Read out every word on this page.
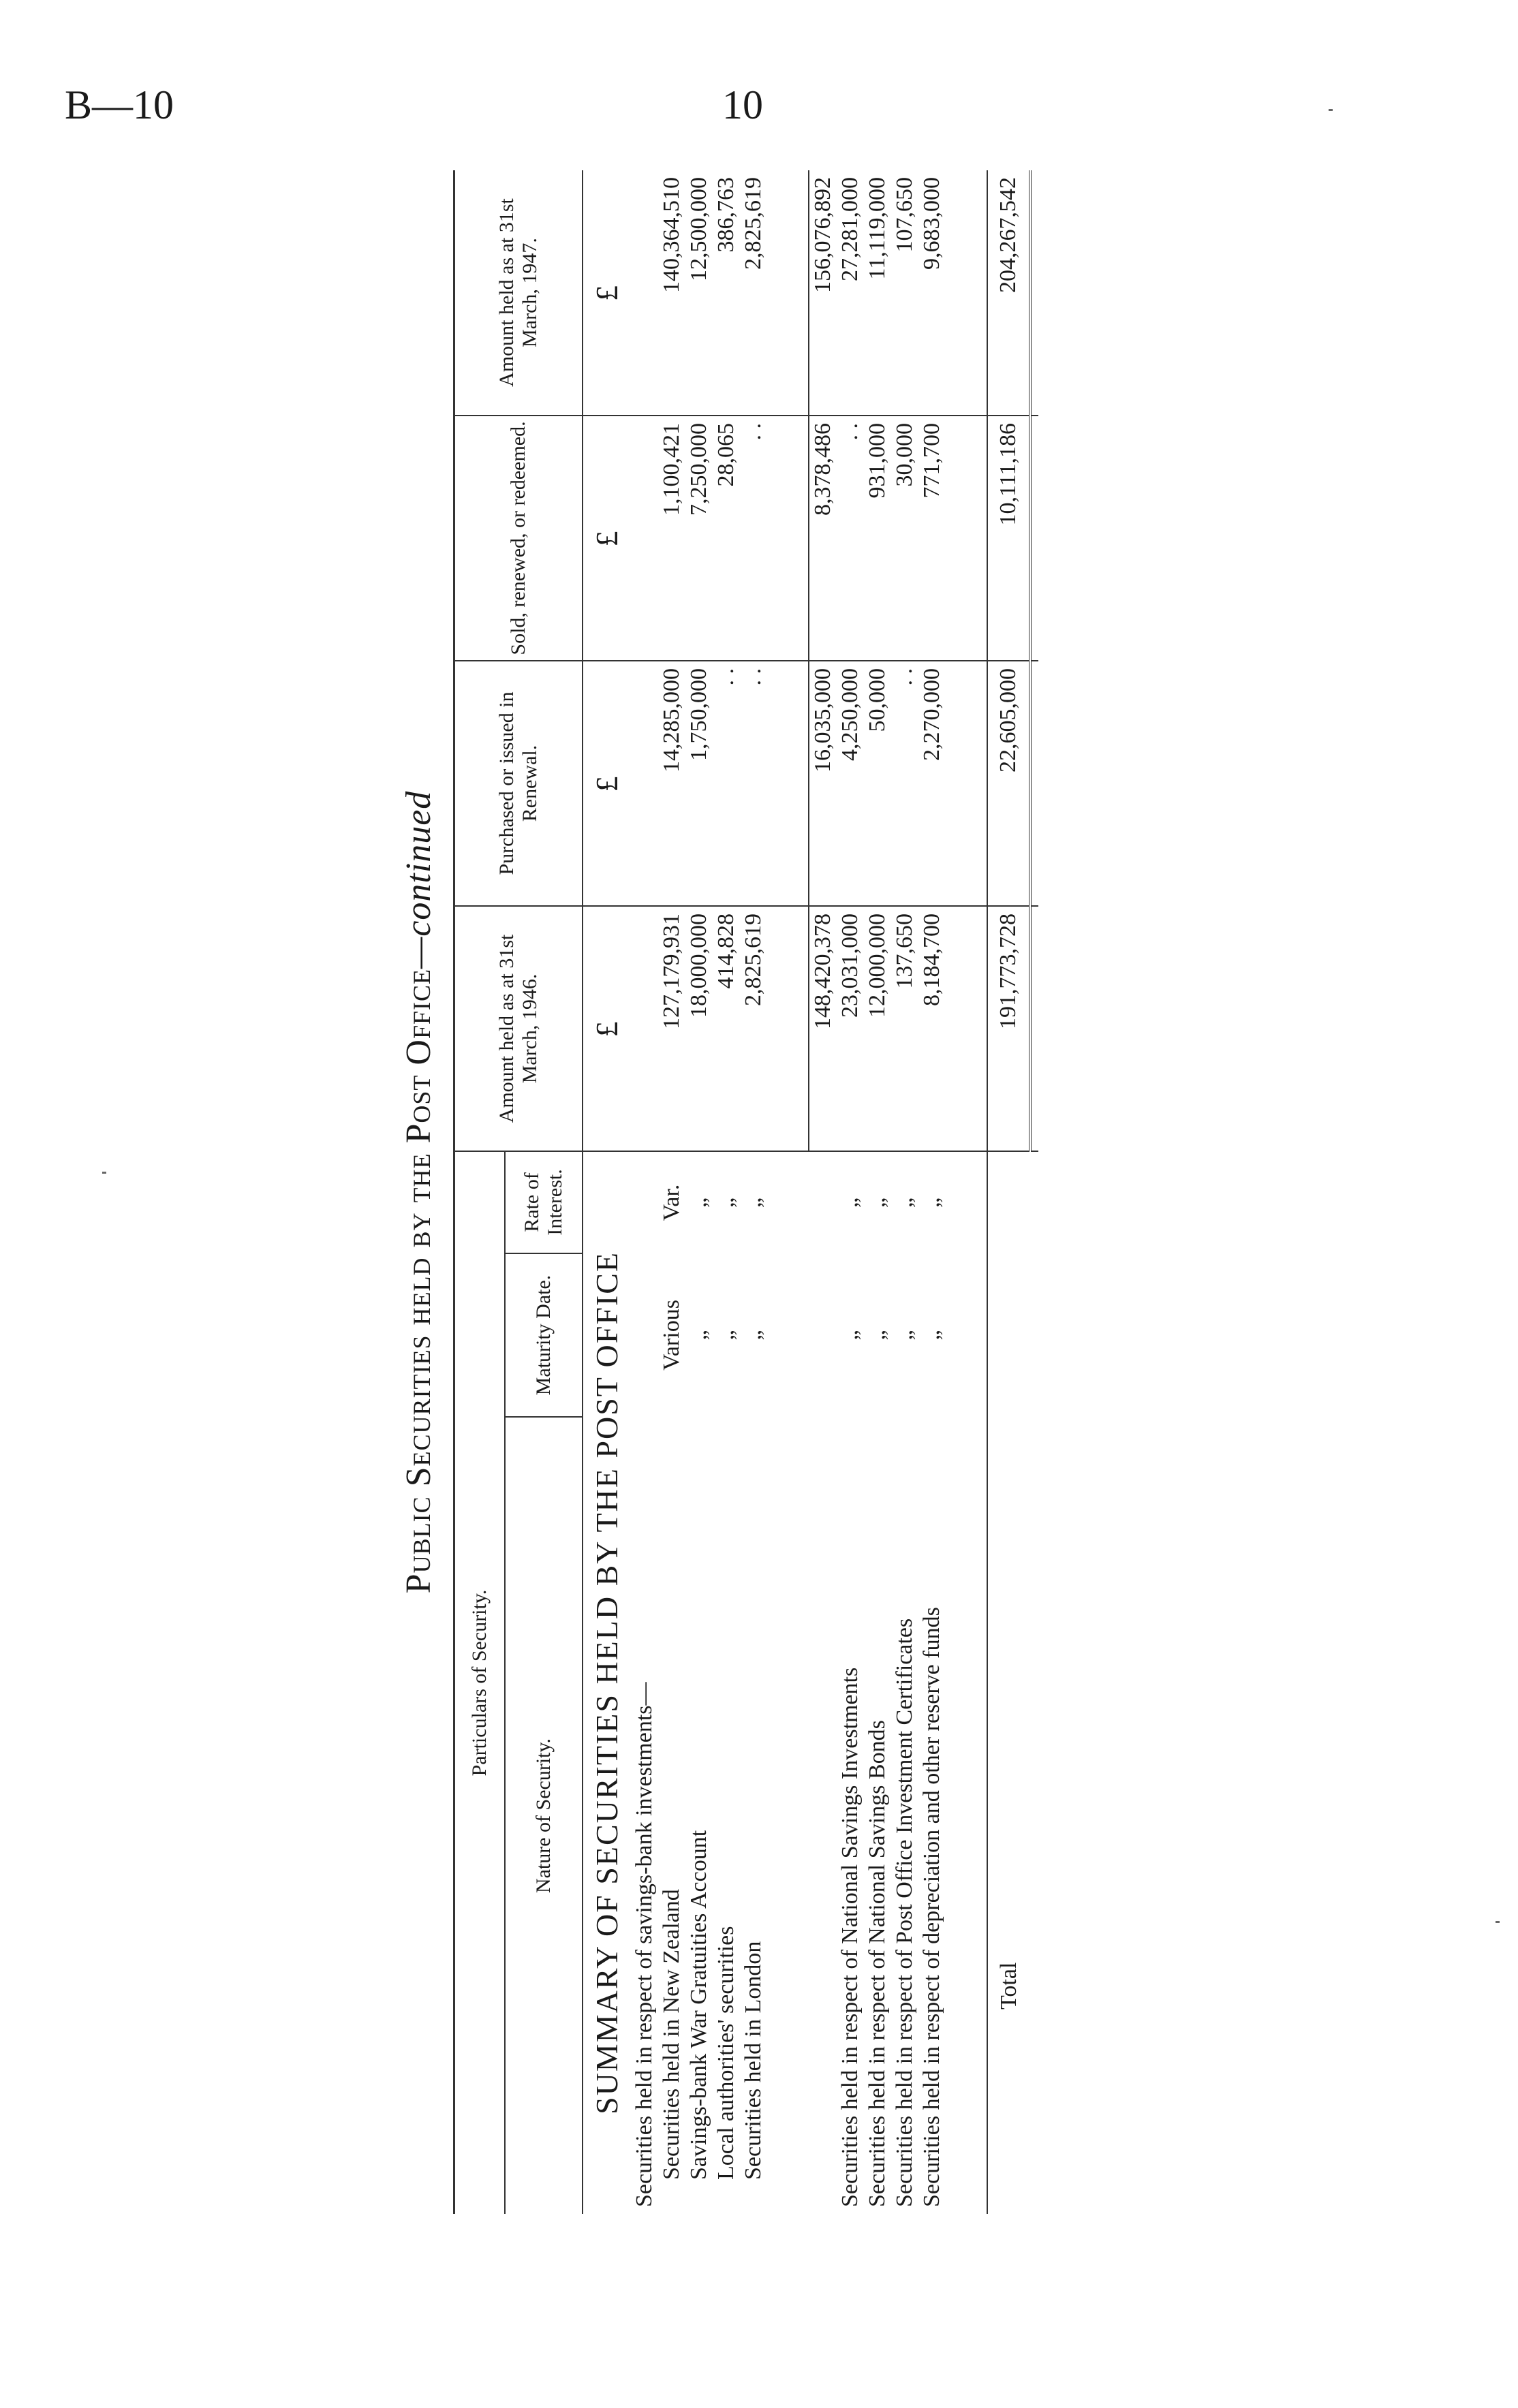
B—10	10
Public Securities held by the Post Office—continued
Particulars of Security.			Amount held as at 31st March, 1946.	Purchased or issued in Renewal.	Sold, renewed, or redeemed.	Amount held as at 31st March, 1947.
Nature of Security.	Maturity Date.	Rate of Interest.				
SUMMARY OF SECURITIES HELD BY THE POST OFFICE			£	£	£	£
Securities held in respect of savings-bank investments—						
Securities held in New Zealand	Various	Var.	127,179,931	14,285,000	1,100,421	140,364,510
Savings-bank War Gratuities Account	„	„	18,000,000	1,750,000	7,250,000	12,500,000
Local authorities' securities	„	„	414,828	. .	28,065	386,763
Securities held in London	„	„	2,825,619	. .	. .	2,825,619

			148,420,378	16,035,000	8,378,486	156,076,892
Securities held in respect of National Savings Investments	„	„	23,031,000	4,250,000	. .	27,281,000
Securities held in respect of National Savings Bonds	„	„	12,000,000	50,000	931,000	11,119,000
Securities held in respect of Post Office Investment Certificates	„	„	137,650	. .	30,000	107,650
Securities held in respect of depreciation and other reserve funds	„	„	8,184,700	2,270,000	771,700	9,683,000

Total			191,773,728	22,605,000	10,111,186	204,267,542
